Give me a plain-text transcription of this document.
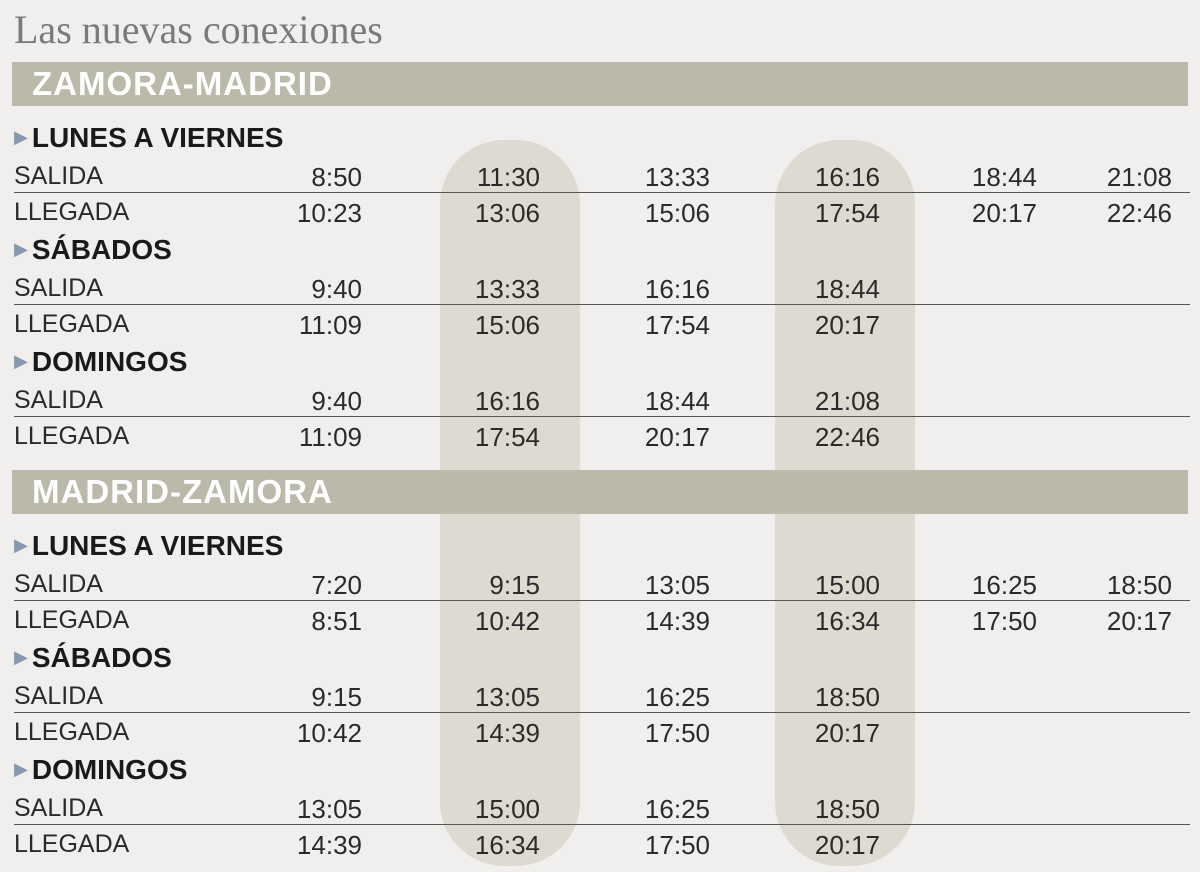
Las nuevas conexiones
ZAMORA-MADRID
▶ LUNES A VIERNES
SALIDA	8:50	11:30	13:33	16:16	18:44	21:08
LLEGADA	10:23	13:06	15:06	17:54	20:17	22:46
▶ SÁBADOS
SALIDA	9:40	13:33	16:16	18:44
LLEGADA	11:09	15:06	17:54	20:17
▶ DOMINGOS
SALIDA	9:40	16:16	18:44	21:08
LLEGADA	11:09	17:54	20:17	22:46
MADRID-ZAMORA
▶ LUNES A VIERNES
SALIDA	7:20	9:15	13:05	15:00	16:25	18:50
LLEGADA	8:51	10:42	14:39	16:34	17:50	20:17
▶ SÁBADOS
SALIDA	9:15	13:05	16:25	18:50
LLEGADA	10:42	14:39	17:50	20:17
▶ DOMINGOS
SALIDA	13:05	15:00	16:25	18:50
LLEGADA	14:39	16:34	17:50	20:17
